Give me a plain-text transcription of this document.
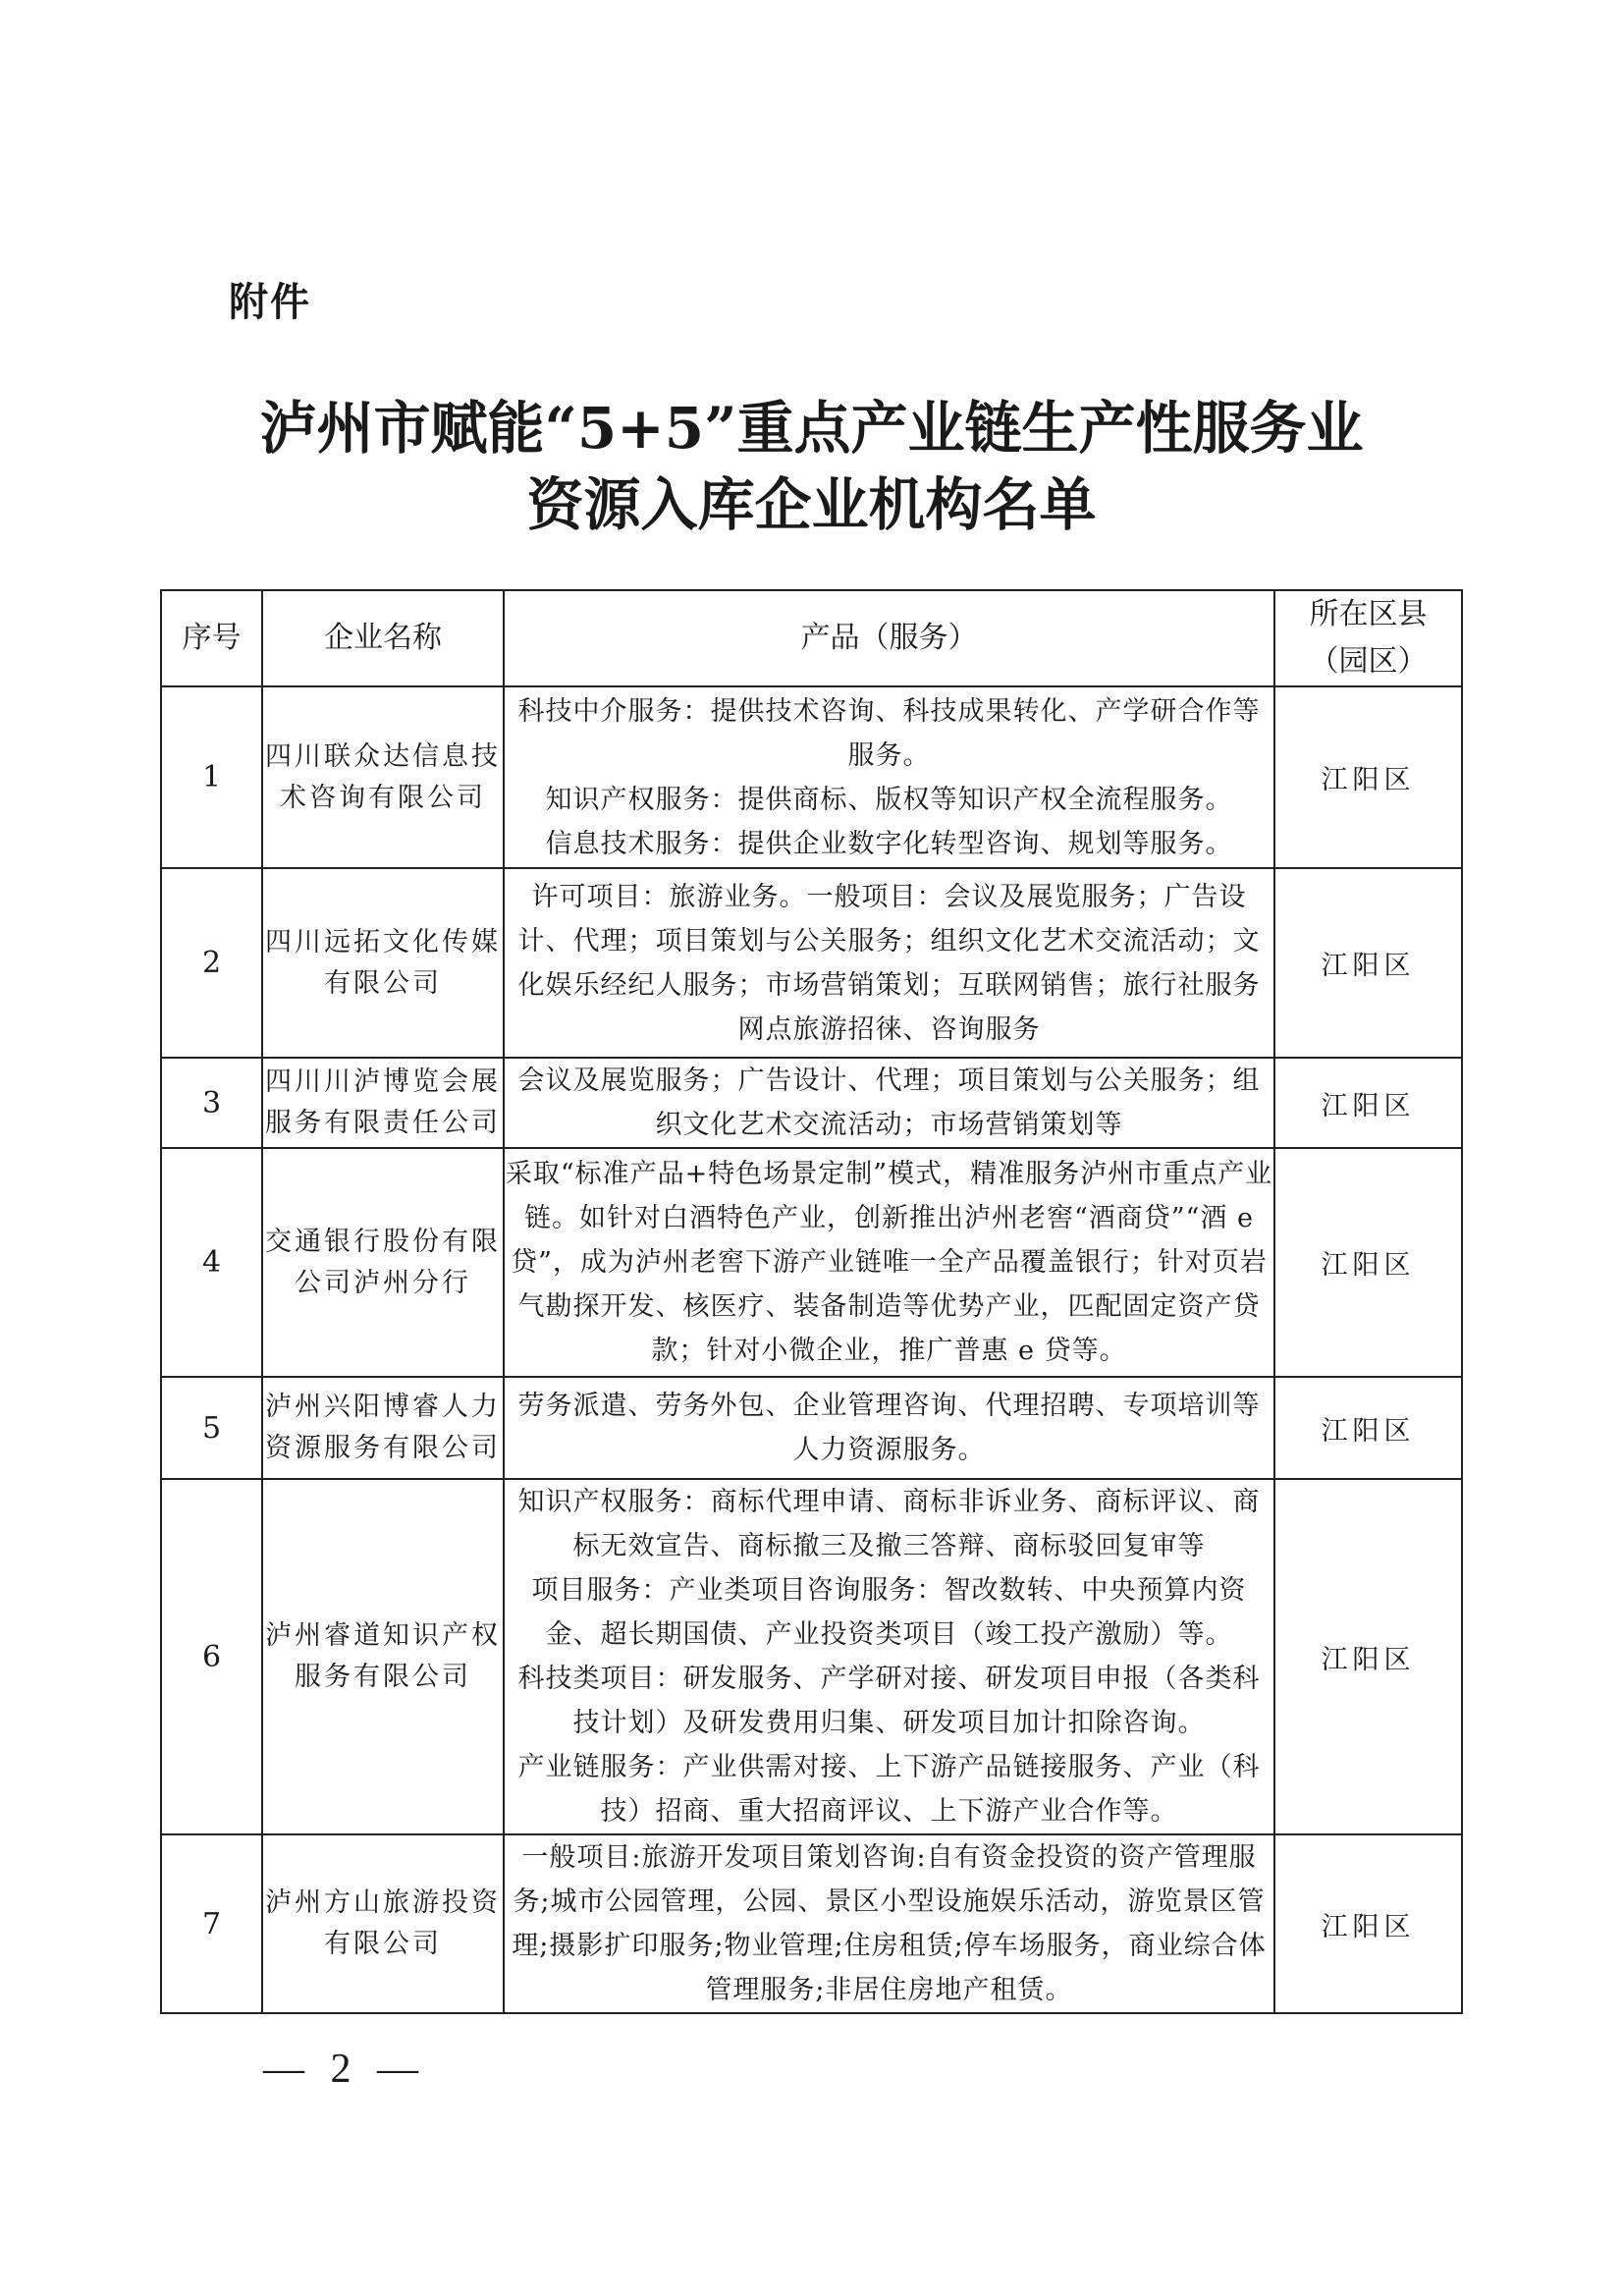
附件
泸州市赋能“5+5”重点产业链生产性服务业
资源入库企业机构名单
序号	企业名称	产品（服务）	所在区县
（园区）

1	四川联众达信息技术咨询有限公司	科技中介服务：提供技术咨询、科技成果转化、产学研合作等服务。
知识产权服务：提供商标、版权等知识产权全流程服务。
信息技术服务：提供企业数字化转型咨询、规划等服务。	江阳区
2	四川远拓文化传媒有限公司	许可项目：旅游业务。一般项目：会议及展览服务；广告设计、代理；项目策划与公关服务；组织文化艺术交流活动；文化娱乐经纪人服务；市场营销策划；互联网销售；旅行社服务网点旅游招徕、咨询服务	江阳区
3	四川川泸博览会展服务有限责任公司	会议及展览服务；广告设计、代理；项目策划与公关服务；组织文化艺术交流活动；市场营销策划等	江阳区
4	交通银行股份有限公司泸州分行	采取“标准产品+特色场景定制”模式，精准服务泸州市重点产业链。如针对白酒特色产业，创新推出泸州老窖“酒商贷”“酒 e 贷”，成为泸州老窖下游产业链唯一全产品覆盖银行；针对页岩气勘探开发、核医疗、装备制造等优势产业，匹配固定资产贷款；针对小微企业，推广普惠 e 贷等。	江阳区
5	泸州兴阳博睿人力资源服务有限公司	劳务派遣、劳务外包、企业管理咨询、代理招聘、专项培训等人力资源服务。	江阳区
6	泸州睿道知识产权服务有限公司	知识产权服务：商标代理申请、商标非诉业务、商标评议、商标无效宣告、商标撤三及撤三答辩、商标驳回复审等
项目服务：产业类项目咨询服务：智改数转、中央预算内资金、超长期国债、产业投资类项目（竣工投产激励）等。
科技类项目：研发服务、产学研对接、研发项目申报（各类科技计划）及研发费用归集、研发项目加计扣除咨询。
产业链服务：产业供需对接、上下游产品链接服务、产业（科技）招商、重大招商评议、上下游产业合作等。	江阳区
7	泸州方山旅游投资有限公司	一般项目:旅游开发项目策划咨询:自有资金投资的资产管理服务;城市公园管理，公园、景区小型设施娱乐活动，游览景区管理;摄影扩印服务;物业管理;住房租赁;停车场服务，商业综合体管理服务;非居住房地产租赁。	江阳区
— 2 —
